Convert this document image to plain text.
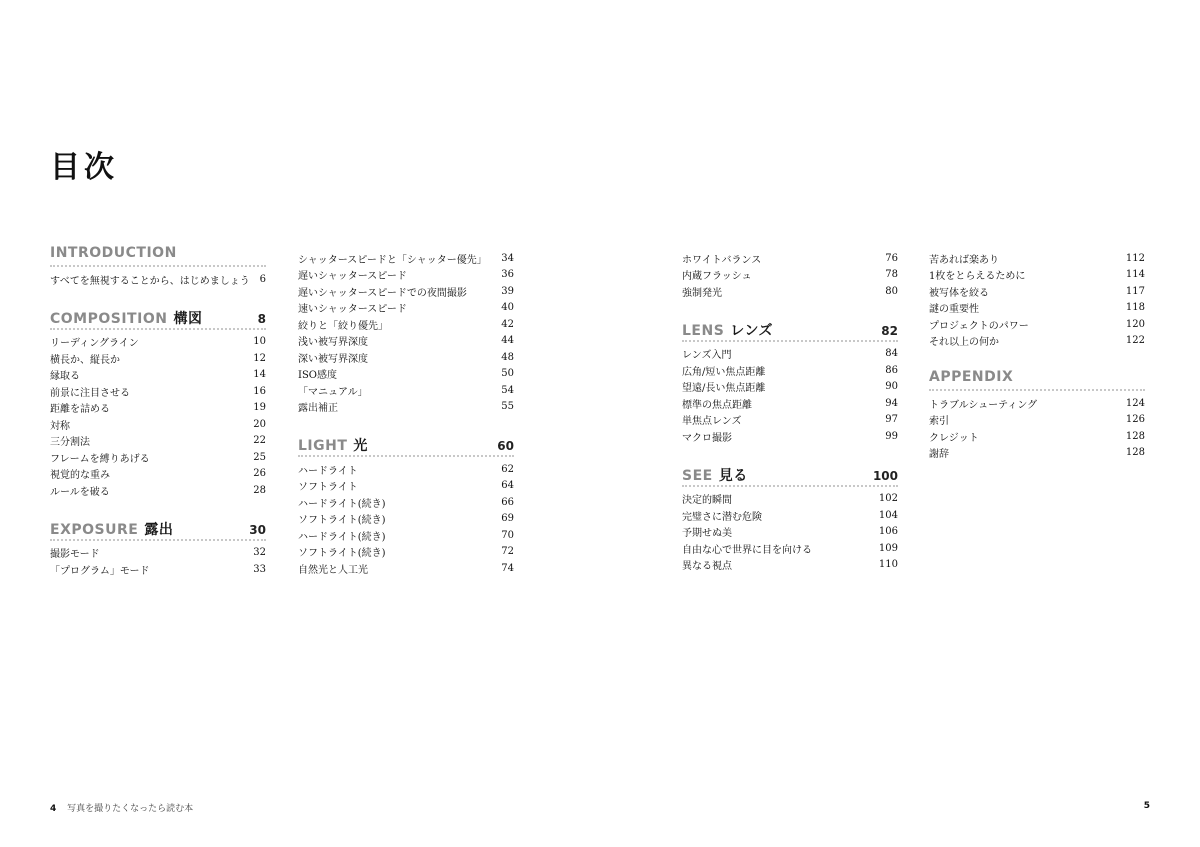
目次
INTRODUCTION
すべてを無視することから、はじめましょう 6
COMPOSITION 構図	8
リーディングライン	10
横長か、縦長か	12
縁取る	14
前景に注目させる	16
距離を詰める	19
対称	20
三分割法	22
フレームを縛りあげる	25
視覚的な重み	26
ルールを破る	28
EXPOSURE 露出	30
撮影モード	32
「プログラム」モード	33
シャッタースピードと「シャッター優先」	34
遅いシャッタースピード	36
遅いシャッタースピードでの夜間撮影	39
速いシャッタースピード	40
絞りと「絞り優先」	42
浅い被写界深度	44
深い被写界深度	48
ISO感度	50
「マニュアル」	54
露出補正	55
LIGHT 光	60
ハードライト	62
ソフトライト	64
ハードライト(続き)	66
ソフトライト(続き)	69
ハードライト(続き)	70
ソフトライト(続き)	72
自然光と人工光	74
ホワイトバランス	76
内蔵フラッシュ	78
強制発光	80
LENS レンズ	82
レンズ入門	84
広角/短い焦点距離	86
望遠/長い焦点距離	90
標準の焦点距離	94
単焦点レンズ	97
マクロ撮影	99
SEE 見る	100
決定的瞬間	102
完璧さに潜む危険	104
予期せぬ美	106
自由な心で世界に目を向ける	109
異なる視点	110
苦あれば楽あり	112
1枚をとらえるために	114
被写体を絞る	117
謎の重要性	118
プロジェクトのパワー	120
それ以上の何か	122
APPENDIX
トラブルシューティング	124
索引	126
クレジット	128
謝辞	128
4 写真を撮りたくなったら読む本	5
